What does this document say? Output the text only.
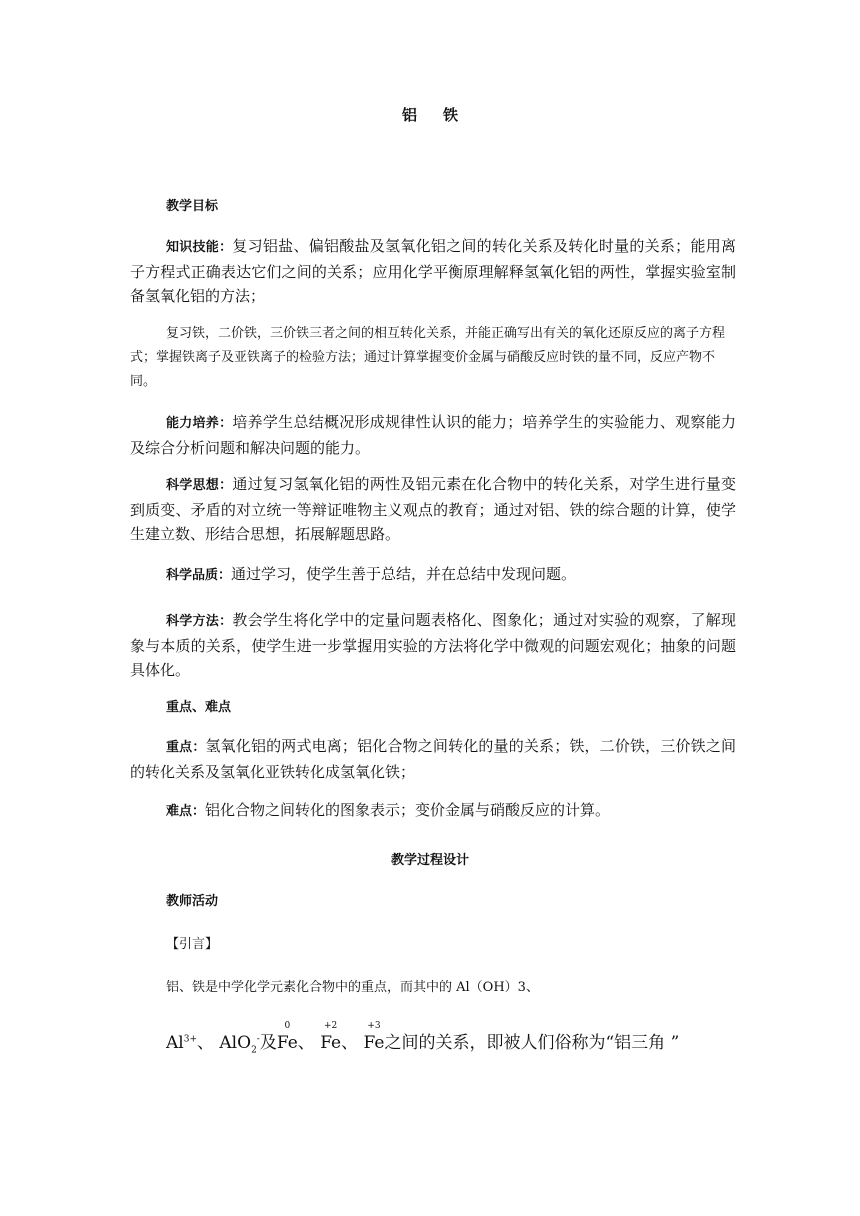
铝 铁
教学目标
知识技能：复习铝盐、偏铝酸盐及氢氧化铝之间的转化关系及转化时量的关系；能用离子方程式正确表达它们之间的关系；应用化学平衡原理解释氢氧化铝的两性，掌握实验室制备氢氧化铝的方法；
复习铁，二价铁，三价铁三者之间的相互转化关系，并能正确写出有关的氧化还原反应的离子方程式；掌握铁离子及亚铁离子的检验方法；通过计算掌握变价金属与硝酸反应时铁的量不同，反应产物不同。
能力培养：培养学生总结概况形成规律性认识的能力；培养学生的实验能力、观察能力及综合分析问题和解决问题的能力。
科学思想：通过复习氢氧化铝的两性及铝元素在化合物中的转化关系，对学生进行量变到质变、矛盾的对立统一等辩证唯物主义观点的教育；通过对铝、铁的综合题的计算，使学生建立数、形结合思想，拓展解题思路。
科学品质：通过学习，使学生善于总结，并在总结中发现问题。
科学方法：教会学生将化学中的定量问题表格化、图象化；通过对实验的观察，了解现象与本质的关系，使学生进一步掌握用实验的方法将化学中微观的问题宏观化；抽象的问题具体化。
重点、难点
重点：氢氧化铝的两式电离；铝化合物之间转化的量的关系；铁，二价铁，三价铁之间的转化关系及氢氧化亚铁转化成氢氧化铁；
难点：铝化合物之间转化的图象表示；变价金属与硝酸反应的计算。
教学过程设计
教师活动
【引言】
铝、铁是中学化学元素化合物中的重点，而其中的 Al（OH）3、
$Al^{3+}$、 AlO$_2$-及
0
Fe、
+2
Fe、
+3
Fe之间的关系，即被人们俗称为“铝三角 ”
